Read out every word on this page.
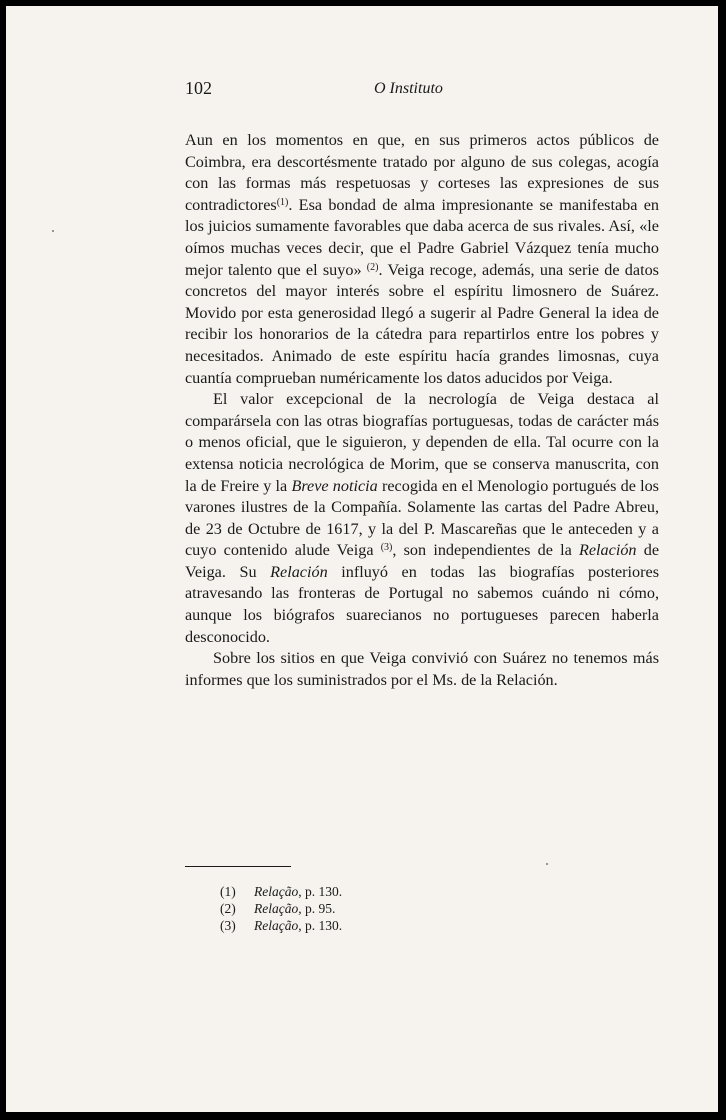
102	O Instituto

Aun en los momentos en que, en sus primeros actos públicos de Coimbra, era descortésmente tratado por alguno de sus colegas, acogía con las formas más respetuosas y corteses las expresiones de sus contradictores$^{(1)}$. Esa bondad de alma impresionante se manifestaba en los juicios sumamente favorables que daba acerca de sus rivales. Así, «le oímos muchas veces decir, que el Padre Gabriel Vázquez tenía mucho mejor talento que el suyo» $^{(2)}$. Veiga recoge, además, una serie de datos concretos del mayor interés sobre el espíritu limosnero de Suárez. Movido por esta generosidad llegó a sugerir al Padre General la idea de recibir los honorarios de la cátedra para repartirlos entre los pobres y necesitados. Animado de este espíritu hacía grandes limosnas, cuya cuantía comprueban numéricamente los datos aducidos por Veiga.

El valor excepcional de la necrología de Veiga destaca al comparársela con las otras biografías portuguesas, todas de carácter más o menos oficial, que le siguieron, y dependen de ella. Tal ocurre con la extensa noticia necrológica de Morim, que se conserva manuscrita, con la de Freire y la Breve noticia recogida en el Menologio portugués de los varones ilustres de la Compañía. Solamente las cartas del Padre Abreu, de 23 de Octubre de 1617, y la del P. Mascareñas que le anteceden y a cuyo contenido alude Veiga $^{(3)}$, son independientes de la Relación de Veiga. Su Relación influyó en todas las biografías posteriores atravesando las fronteras de Portugal no sabemos cuándo ni cómo, aunque los biógrafos suarecianos no portugueses parecen haberla desconocido.

Sobre los sitios en que Veiga convivió con Suárez no tenemos más informes que los suministrados por el Ms. de la Relación.

(1) Relação, p. 130.
(2) Relação, p. 95.
(3) Relação, p. 130.
